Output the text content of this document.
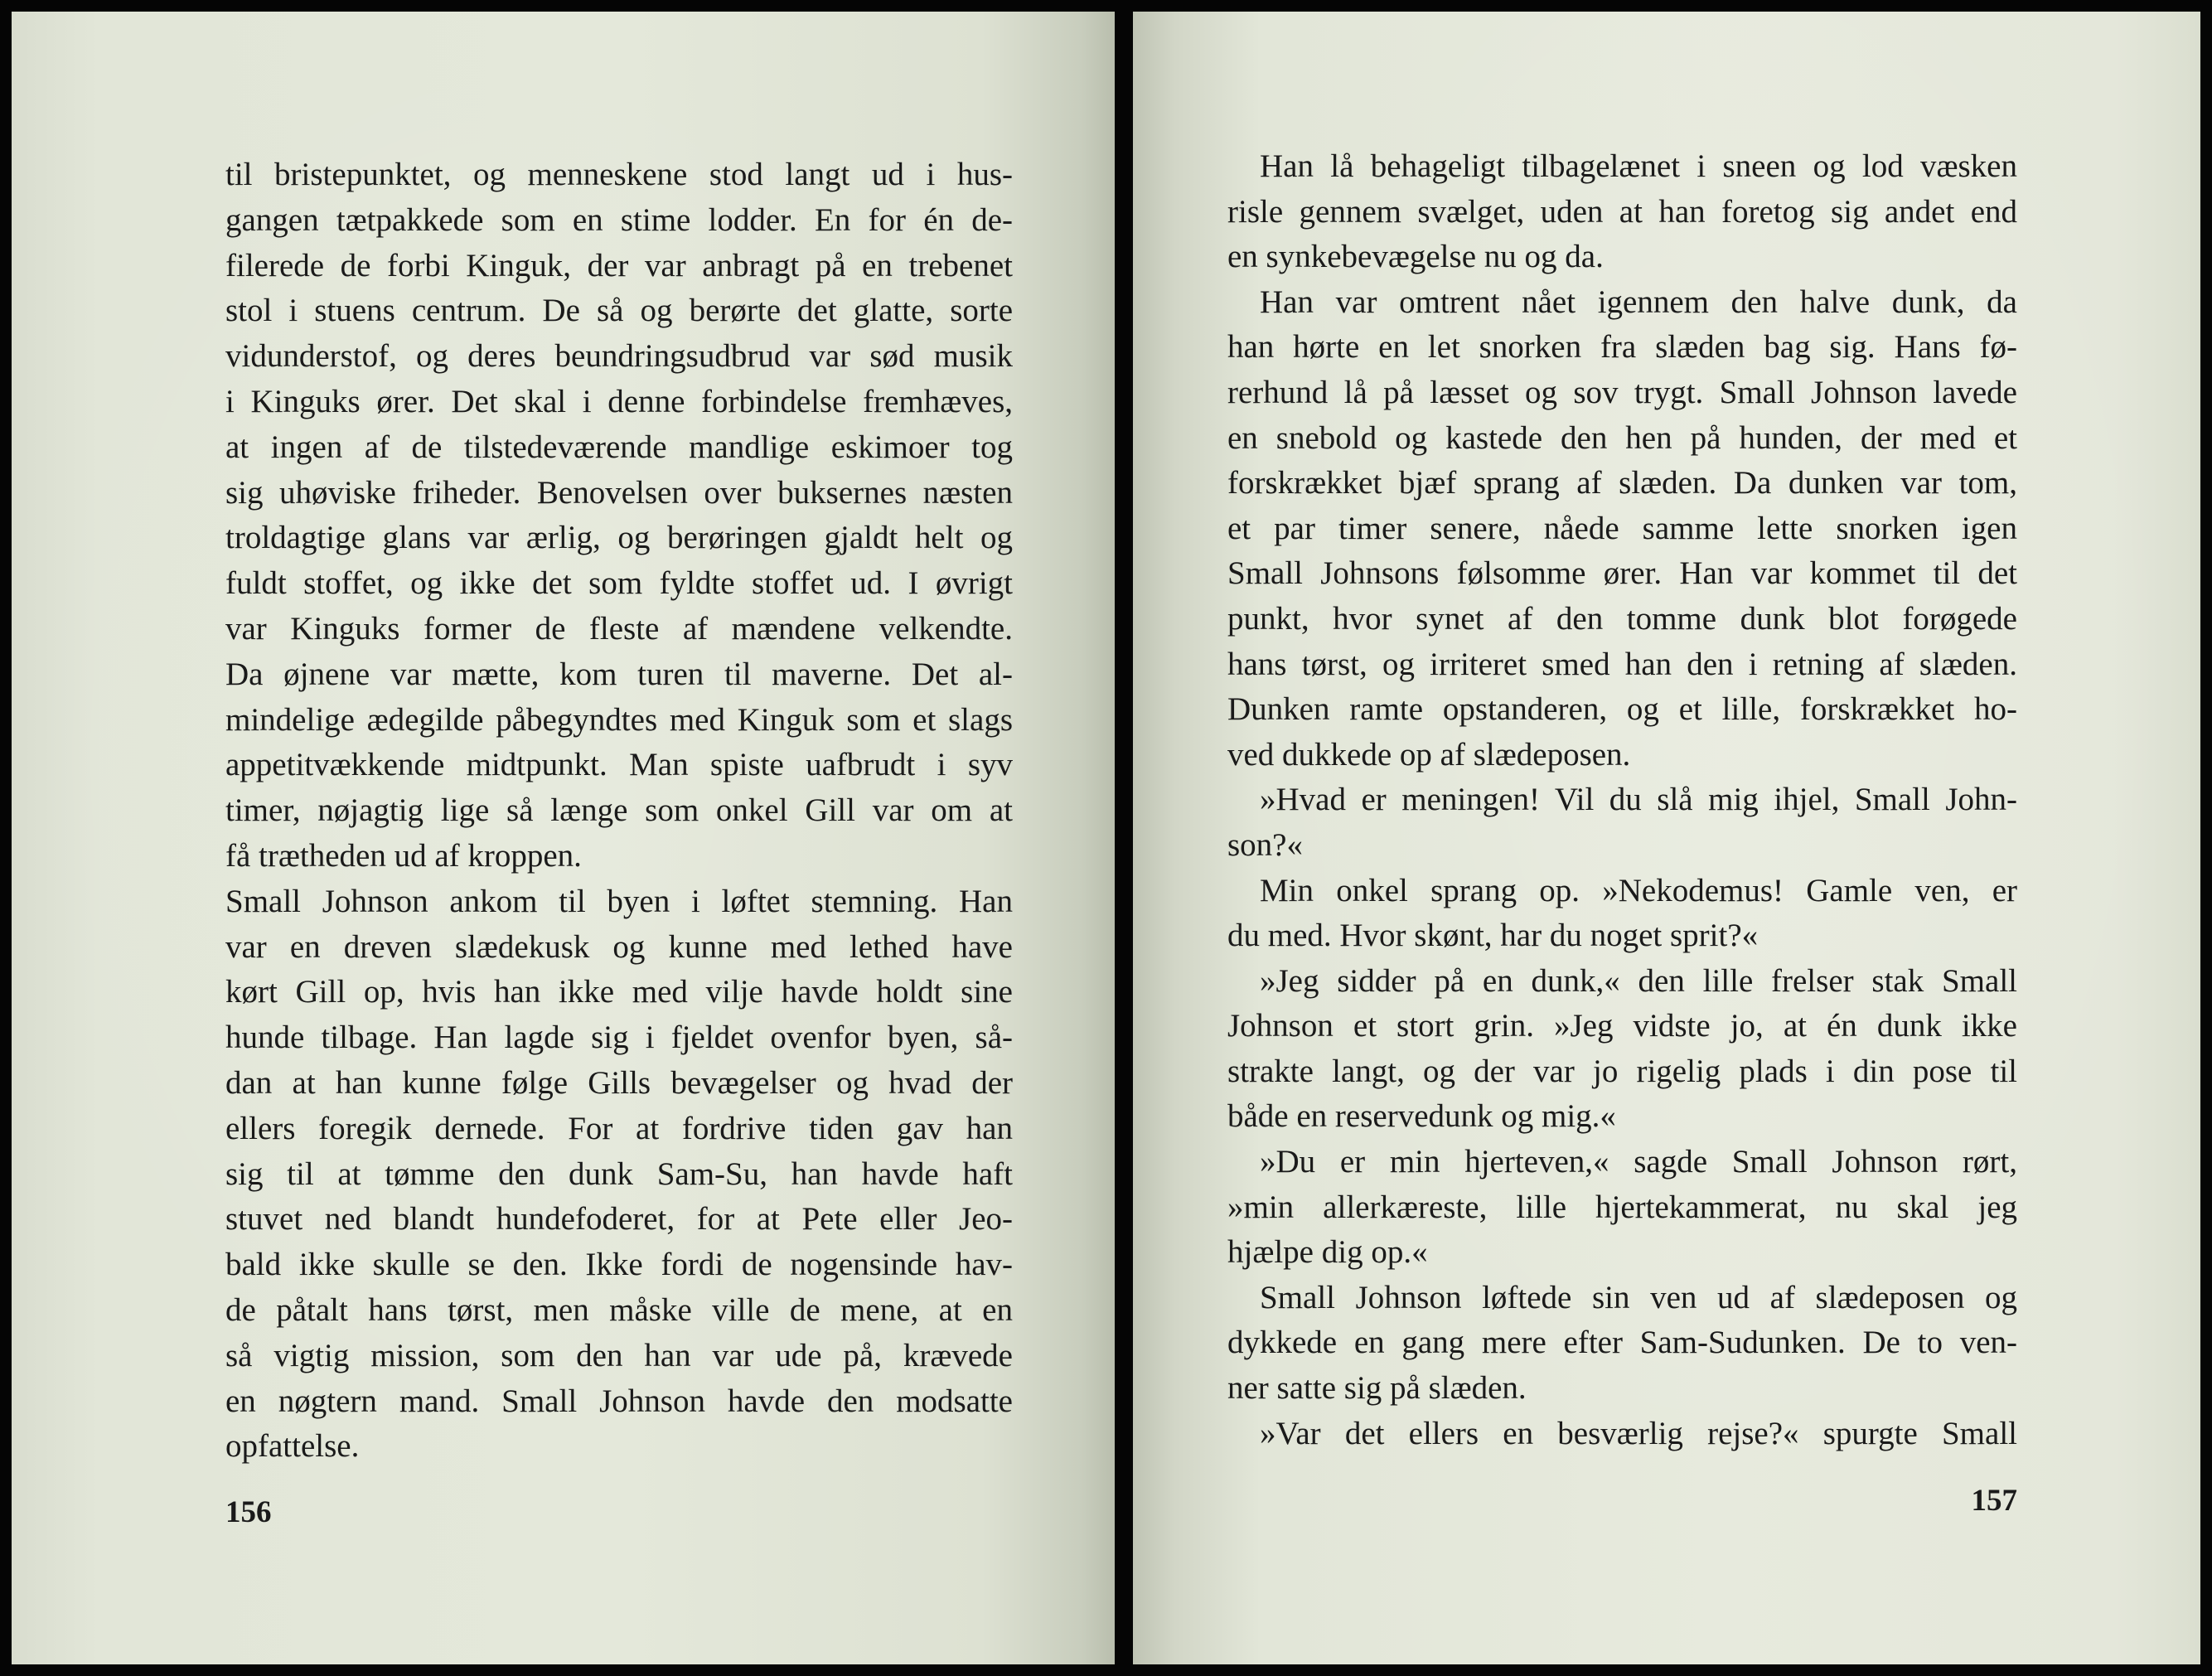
til bristepunktet, og menneskene stod langt ud i hus-
gangen tætpakkede som en stime lodder. En for én de-
filerede de forbi Kinguk, der var anbragt på en trebenet
stol i stuens centrum. De så og berørte det glatte, sorte
vidunderstof, og deres beundringsudbrud var sød musik
i Kinguks ører. Det skal i denne forbindelse fremhæves,
at ingen af de tilstedeværende mandlige eskimoer tog
sig uhøviske friheder. Benovelsen over buksernes næsten
troldagtige glans var ærlig, og berøringen gjaldt helt og
fuldt stoffet, og ikke det som fyldte stoffet ud. I øvrigt
var Kinguks former de fleste af mændene velkendte.
Da øjnene var mætte, kom turen til maverne. Det al-
mindelige ædegilde påbegyndtes med Kinguk som et slags
appetitvækkende midtpunkt. Man spiste uafbrudt i syv
timer, nøjagtig lige så længe som onkel Gill var om at
få trætheden ud af kroppen.
Small Johnson ankom til byen i løftet stemning. Han
var en dreven slædekusk og kunne med lethed have
kørt Gill op, hvis han ikke med vilje havde holdt sine
hunde tilbage. Han lagde sig i fjeldet ovenfor byen, så-
dan at han kunne følge Gills bevægelser og hvad der
ellers foregik dernede. For at fordrive tiden gav han
sig til at tømme den dunk Sam-Su, han havde haft
stuvet ned blandt hundefoderet, for at Pete eller Jeo-
bald ikke skulle se den. Ikke fordi de nogensinde hav-
de påtalt hans tørst, men måske ville de mene, at en
så vigtig mission, som den han var ude på, krævede
en nøgtern mand. Small Johnson havde den modsatte
opfattelse.
156
Han lå behageligt tilbagelænet i sneen og lod væsken
risle gennem svælget, uden at han foretog sig andet end
en synkebevægelse nu og da.
Han var omtrent nået igennem den halve dunk, da
han hørte en let snorken fra slæden bag sig. Hans fø-
rerhund lå på læsset og sov trygt. Small Johnson lavede
en snebold og kastede den hen på hunden, der med et
forskrækket bjæf sprang af slæden. Da dunken var tom,
et par timer senere, nåede samme lette snorken igen
Small Johnsons følsomme ører. Han var kommet til det
punkt, hvor synet af den tomme dunk blot forøgede
hans tørst, og irriteret smed han den i retning af slæden.
Dunken ramte opstanderen, og et lille, forskrækket ho-
ved dukkede op af slædeposen.
»Hvad er meningen! Vil du slå mig ihjel, Small John-
son?«
Min onkel sprang op. »Nekodemus! Gamle ven, er
du med. Hvor skønt, har du noget sprit?«
»Jeg sidder på en dunk,« den lille frelser stak Small
Johnson et stort grin. »Jeg vidste jo, at én dunk ikke
strakte langt, og der var jo rigelig plads i din pose til
både en reservedunk og mig.«
»Du er min hjerteven,« sagde Small Johnson rørt,
»min allerkæreste, lille hjertekammerat, nu skal jeg
hjælpe dig op.«
Small Johnson løftede sin ven ud af slædeposen og
dykkede en gang mere efter Sam-Sudunken. De to ven-
ner satte sig på slæden.
»Var det ellers en besværlig rejse?« spurgte Small
157
